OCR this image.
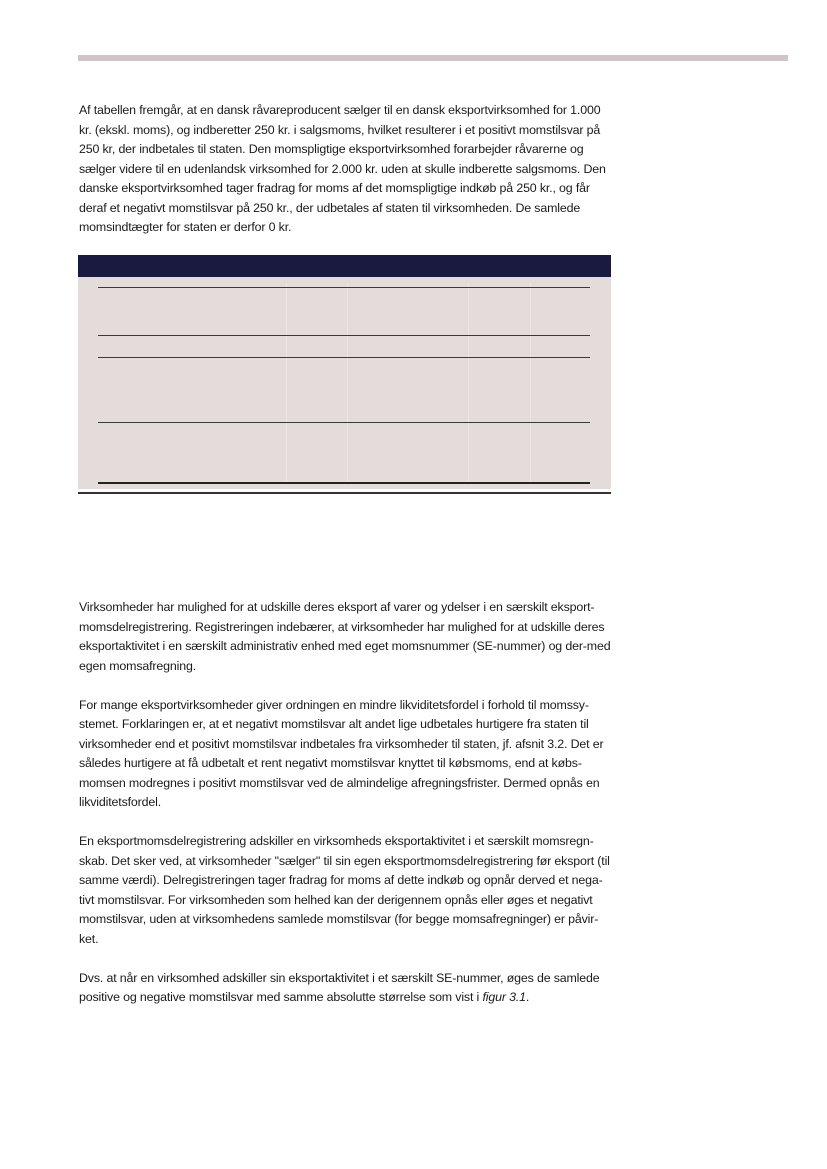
Af tabellen fremgår, at en dansk råvareproducent sælger til en dansk eksportvirksomhed for 1.000 kr. (ekskl. moms), og indberetter 250 kr. i salgsmoms, hvilket resulterer i et positivt momstilsvar på 250 kr, der indbetales til staten. Den momspligtige eksportvirksomhed forarbejder råvarerne og sælger videre til en udenlandsk virksomhed for 2.000 kr. uden at skulle indberette salgsmoms. Den danske eksportvirksomhed tager fradrag for moms af det momspligtige indkøb på 250 kr., og får deraf et negativt momstilsvar på 250 kr., der udbetales af staten til virksomheden. De samlede momsindtægter for staten er derfor 0 kr.

Virksomheder har mulighed for at udskille deres eksport af varer og ydelser i en særskilt eksport-momsdelregistrering. Registreringen indebærer, at virksomheder har mulighed for at udskille deres eksportaktivitet i en særskilt administrativ enhed med eget momsnummer (SE-nummer) og der-med egen momsafregning.

For mange eksportvirksomheder giver ordningen en mindre likviditetsfordel i forhold til momssy-stemet. Forklaringen er, at et negativt momstilsvar alt andet lige udbetales hurtigere fra staten til virksomheder end et positivt momstilsvar indbetales fra virksomheder til staten, jf. afsnit 3.2. Det er således hurtigere at få udbetalt et rent negativt momstilsvar knyttet til købsmoms, end at købs-momsen modregnes i positivt momstilsvar ved de almindelige afregningsfrister. Dermed opnås en likviditetsfordel.

En eksportmomsdelregistrering adskiller en virksomheds eksportaktivitet i et særskilt momsregn-skab. Det sker ved, at virksomheder "sælger" til sin egen eksportmomsdelregistrering før eksport (til samme værdi). Delregistreringen tager fradrag for moms af dette indkøb og opnår derved et nega-tivt momstilsvar. For virksomheden som helhed kan der derigennem opnås eller øges et negativt momstilsvar, uden at virksomhedens samlede momstilsvar (for begge momsafregninger) er påvir-ket.

Dvs. at når en virksomhed adskiller sin eksportaktivitet i et særskilt SE-nummer, øges de samlede positive og negative momstilsvar med samme absolutte størrelse som vist i figur 3.1.
